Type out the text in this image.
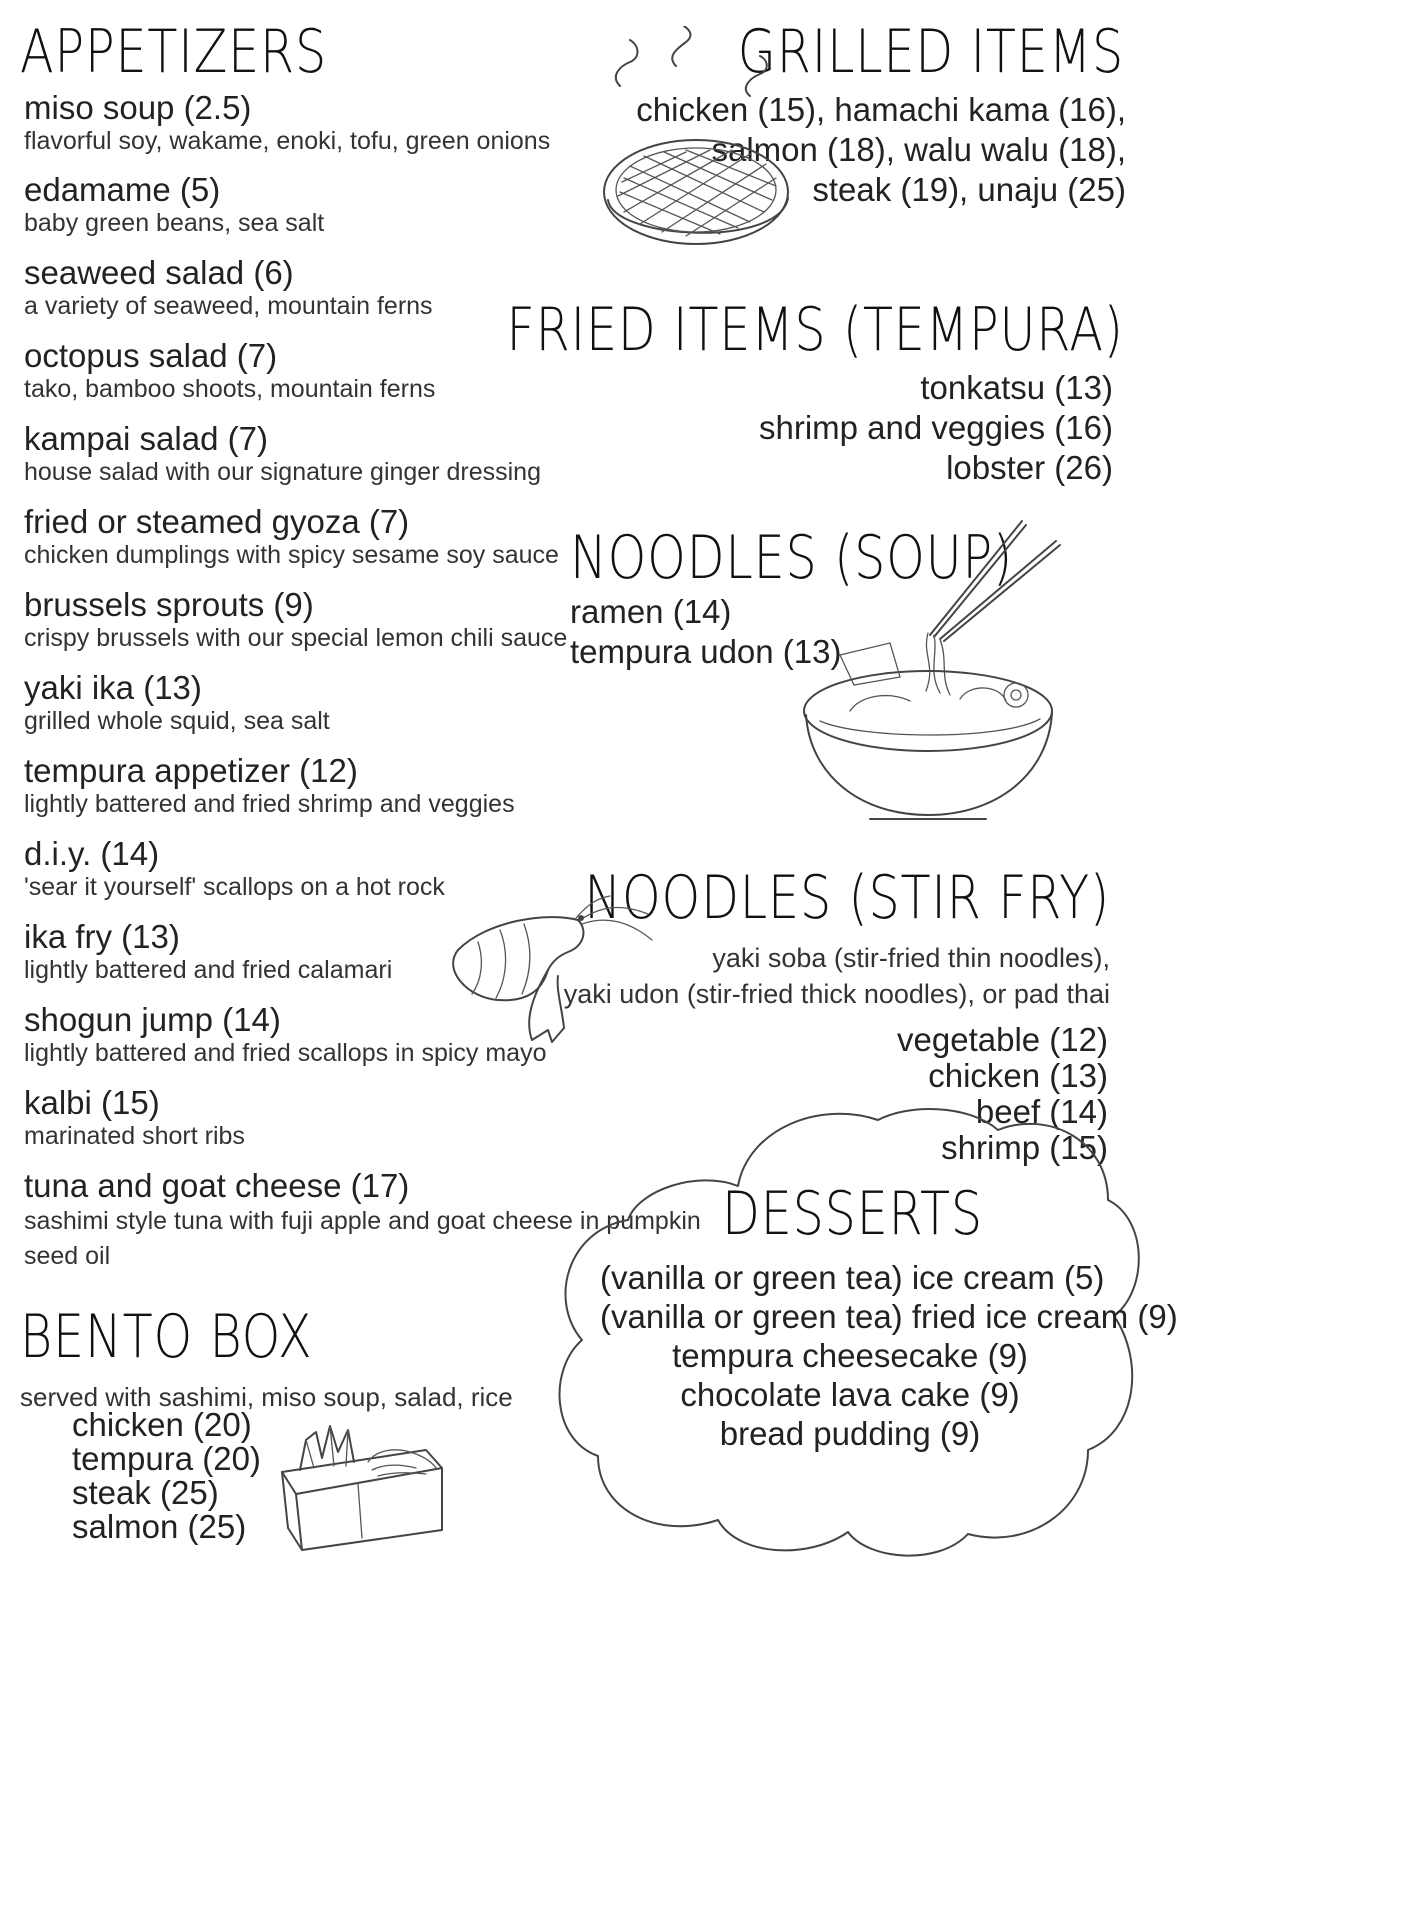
APPETIZERS
miso soup (2.5)
flavorful soy, wakame, enoki, tofu, green onions
edamame (5)
baby green beans, sea salt
seaweed salad (6)
a variety of seaweed, mountain ferns
octopus salad (7)
tako, bamboo shoots, mountain ferns
kampai salad (7)
house salad with our signature ginger dressing
fried or steamed gyoza (7)
chicken dumplings with spicy sesame soy sauce
brussels sprouts (9)
crispy brussels with our special lemon chili sauce
yaki ika (13)
grilled whole squid, sea salt
tempura appetizer (12)
lightly battered and fried shrimp and veggies
d.i.y. (14)
'sear it yourself' scallops on a hot rock
ika fry (13)
lightly battered and fried calamari
shogun jump (14)
lightly battered and fried scallops in spicy mayo
kalbi (15)
marinated short ribs
tuna and goat cheese (17)
sashimi style tuna with fuji apple and goat cheese in pumpkin seed oil
BENTO BOX
served with sashimi, miso soup, salad, rice
chicken (20)
tempura (20)
steak (25)
salmon (25)
GRILLED ITEMS
chicken (15), hamachi kama (16),
salmon (18), walu walu (18),
steak (19), unaju (25)
FRIED ITEMS (TEMPURA)
tonkatsu (13)
shrimp and veggies (16)
lobster (26)
NOODLES (SOUP)
ramen (14)
tempura udon (13)
NOODLES (STIR FRY)
yaki soba (stir-fried thin noodles),
yaki udon (stir-fried thick noodles), or pad thai
vegetable (12)
chicken (13)
beef (14)
shrimp (15)
DESSERTS
(vanilla or green tea) ice cream (5)
(vanilla or green tea) fried ice cream (9)
tempura cheesecake (9)
chocolate lava cake (9)
bread pudding (9)
